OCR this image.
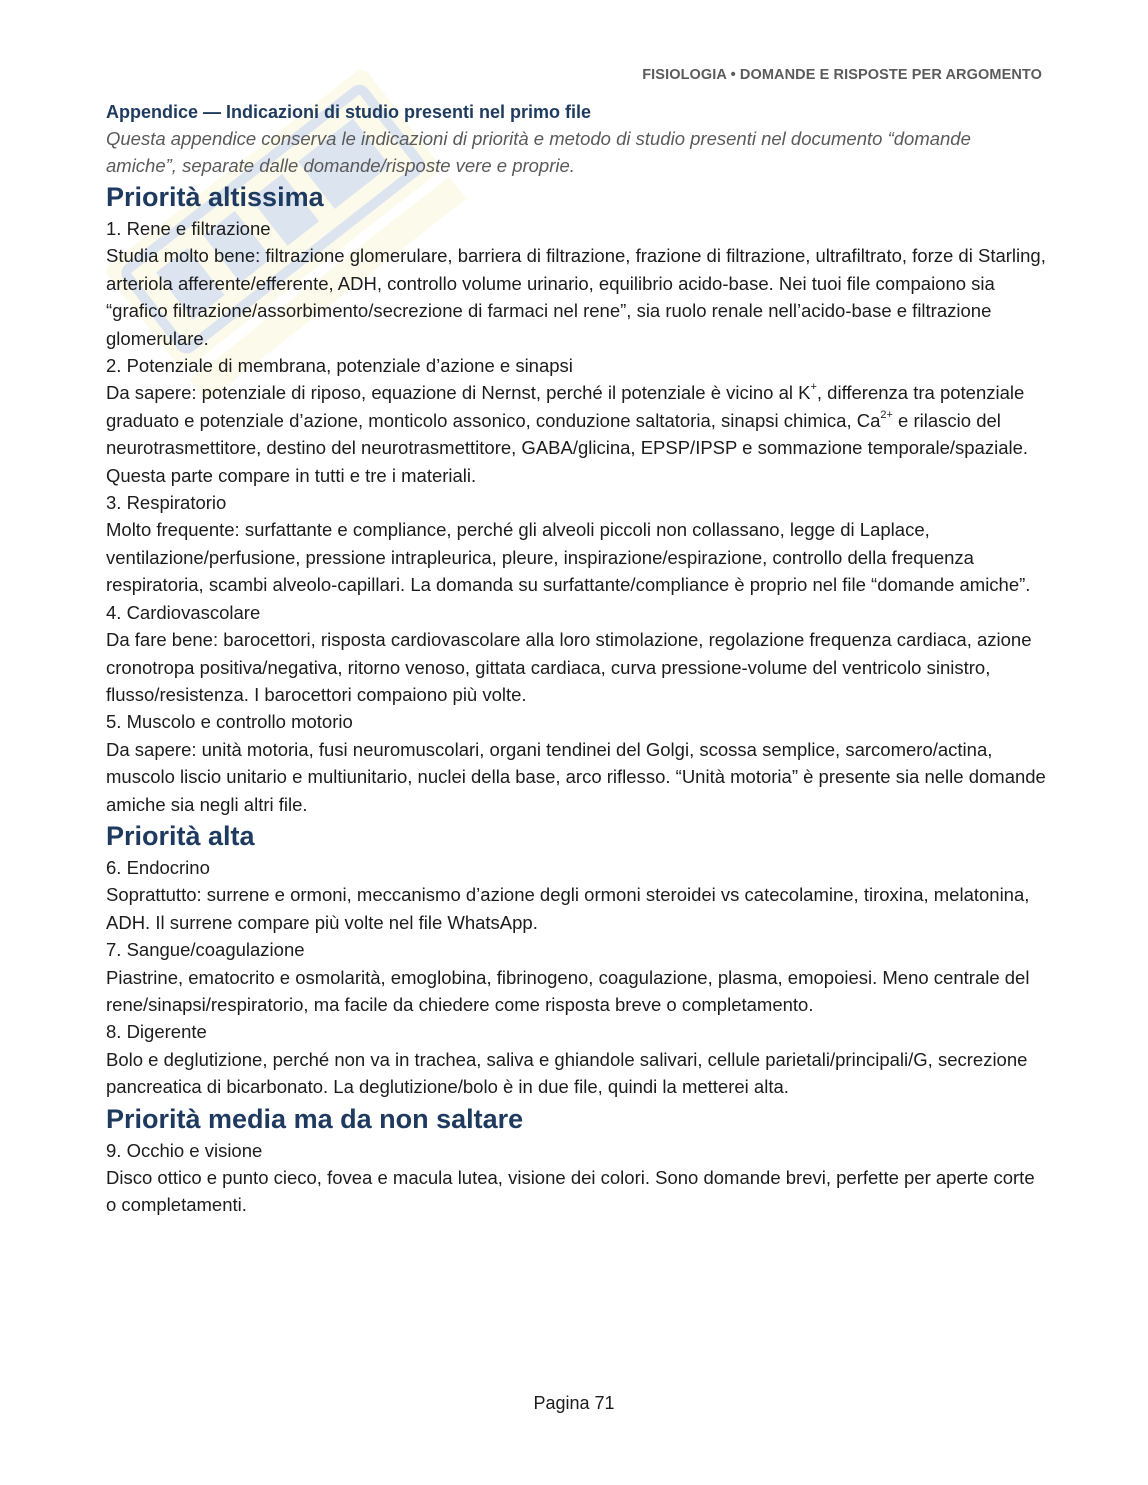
FISIOLOGIA • DOMANDE E RISPOSTE PER ARGOMENTO
Appendice — Indicazioni di studio presenti nel primo file
Questa appendice conserva le indicazioni di priorità e metodo di studio presenti nel documento “domande amiche”, separate dalle domande/risposte vere e proprie.
Priorità altissima

1. Rene e filtrazione

Studia molto bene: filtrazione glomerulare, barriera di filtrazione, frazione di filtrazione, ultrafiltrato, forze di Starling, arteriola afferente/efferente, ADH, controllo volume urinario, equilibrio acido-base. Nei tuoi file compaiono sia “grafico filtrazione/assorbimento/secrezione di farmaci nel rene”, sia ruolo renale nell’acido-base e filtrazione glomerulare.

2. Potenziale di membrana, potenziale d’azione e sinapsi

Da sapere: potenziale di riposo, equazione di Nernst, perché il potenziale è vicino al K+, differenza tra potenziale graduato e potenziale d’azione, monticolo assonico, conduzione saltatoria, sinapsi chimica, $Ca^{2+}$ e rilascio del neurotrasmettitore, destino del neurotrasmettitore, GABA/glicina, EPSP/IPSP e sommazione temporale/spaziale. Questa parte compare in tutti e tre i materiali.

3. Respiratorio

Molto frequente: surfattante e compliance, perché gli alveoli piccoli non collassano, legge di Laplace, ventilazione/perfusione, pressione intrapleurica, pleure, inspirazione/espirazione, controllo della frequenza respiratoria, scambi alveolo-capillari. La domanda su surfattante/compliance è proprio nel file “domande amiche”.

4. Cardiovascolare

Da fare bene: barocettori, risposta cardiovascolare alla loro stimolazione, regolazione frequenza cardiaca, azione cronotropa positiva/negativa, ritorno venoso, gittata cardiaca, curva pressione-volume del ventricolo sinistro, flusso/resistenza. I barocettori compaiono più volte.

5. Muscolo e controllo motorio

Da sapere: unità motoria, fusi neuromuscolari, organi tendinei del Golgi, scossa semplice, sarcomero/actina, muscolo liscio unitario e multiunitario, nuclei della base, arco riflesso. “Unità motoria” è presente sia nelle domande amiche sia negli altri file.

Priorità alta

6. Endocrino

Soprattutto: surrene e ormoni, meccanismo d’azione degli ormoni steroidei vs catecolamine, tiroxina, melatonina, ADH. Il surrene compare più volte nel file WhatsApp.

7. Sangue/coagulazione

Piastrine, ematocrito e osmolarità, emoglobina, fibrinogeno, coagulazione, plasma, emopoiesi. Meno centrale del rene/sinapsi/respiratorio, ma facile da chiedere come risposta breve o completamento.

8. Digerente

Bolo e deglutizione, perché non va in trachea, saliva e ghiandole salivari, cellule parietali/principali/G, secrezione pancreatica di bicarbonato. La deglutizione/bolo è in due file, quindi la metterei alta.

Priorità media ma da non saltare

9. Occhio e visione

Disco ottico e punto cieco, fovea e macula lutea, visione dei colori. Sono domande brevi, perfette per aperte corte o completamenti.

Pagina 71
